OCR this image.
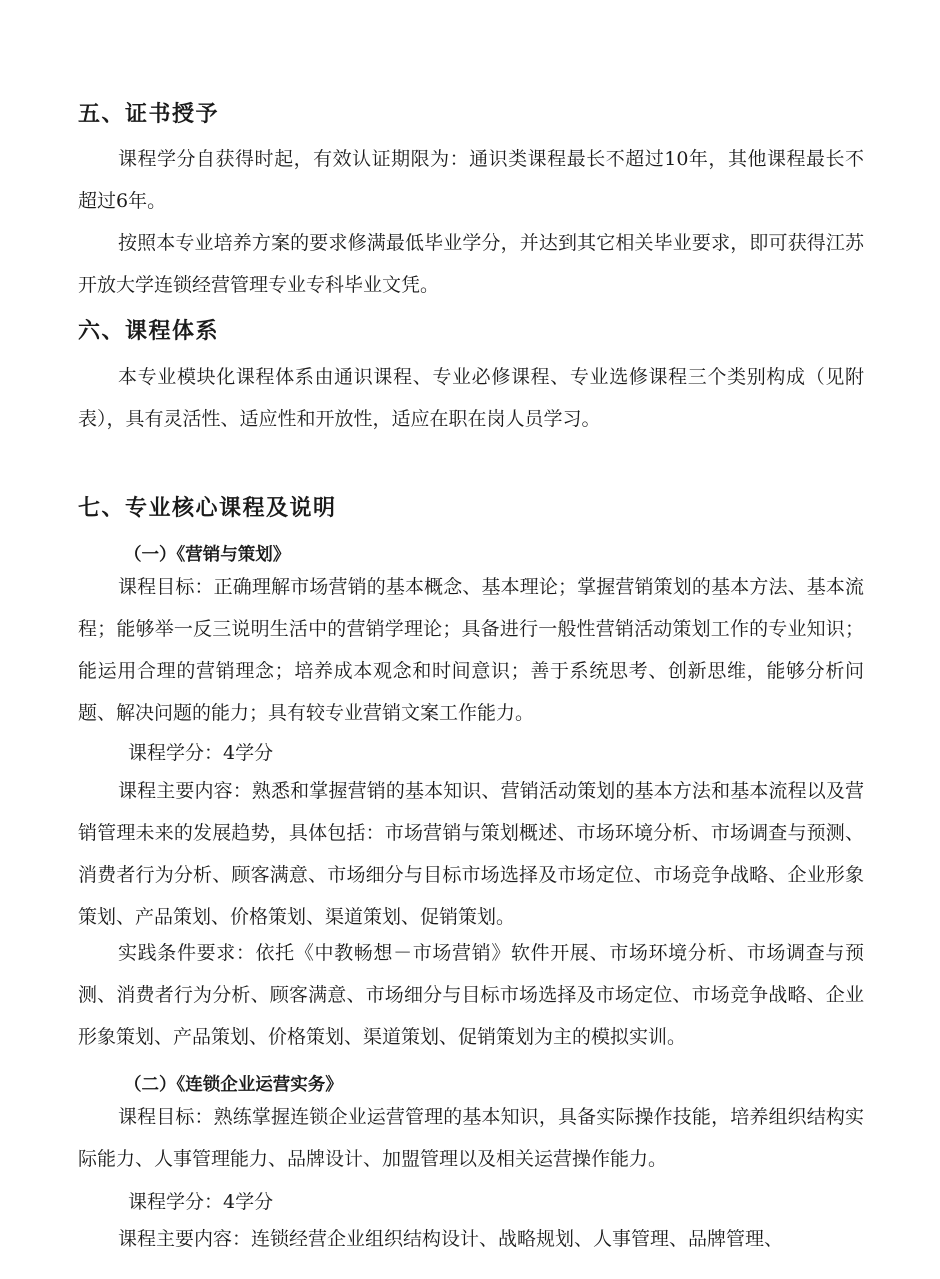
五、证书授予

课程学分自获得时起，有效认证期限为：通识类课程最长不超过10年，其他课程最长不超过6年。

按照本专业培养方案的要求修满最低毕业学分，并达到其它相关毕业要求，即可获得江苏开放大学连锁经营管理专业专科毕业文凭。

六、课程体系

本专业模块化课程体系由通识课程、专业必修课程、专业选修课程三个类别构成（见附表），具有灵活性、适应性和开放性，适应在职在岗人员学习。

七、专业核心课程及说明
（一）《营销与策划》

课程目标：正确理解市场营销的基本概念、基本理论；掌握营销策划的基本方法、基本流程；能够举一反三说明生活中的营销学理论；具备进行一般性营销活动策划工作的专业知识；能运用合理的营销理念；培养成本观念和时间意识；善于系统思考、创新思维，能够分析问题、解决问题的能力；具有较专业营销文案工作能力。

课程学分：4学分

课程主要内容：熟悉和掌握营销的基本知识、营销活动策划的基本方法和基本流程以及营销管理未来的发展趋势，具体包括：市场营销与策划概述、市场环境分析、市场调查与预测、消费者行为分析、顾客满意、市场细分与目标市场选择及市场定位、市场竞争战略、企业形象策划、产品策划、价格策划、渠道策划、促销策划。

实践条件要求：依托《中教畅想－市场营销》软件开展、市场环境分析、市场调查与预测、消费者行为分析、顾客满意、市场细分与目标市场选择及市场定位、市场竞争战略、企业形象策划、产品策划、价格策划、渠道策划、促销策划为主的模拟实训。

（二）《连锁企业运营实务》

课程目标：熟练掌握连锁企业运营管理的基本知识，具备实际操作技能，培养组织结构实际能力、人事管理能力、品牌设计、加盟管理以及相关运营操作能力。

课程学分：4学分

课程主要内容：连锁经营企业组织结构设计、战略规划、人事管理、品牌管理、
